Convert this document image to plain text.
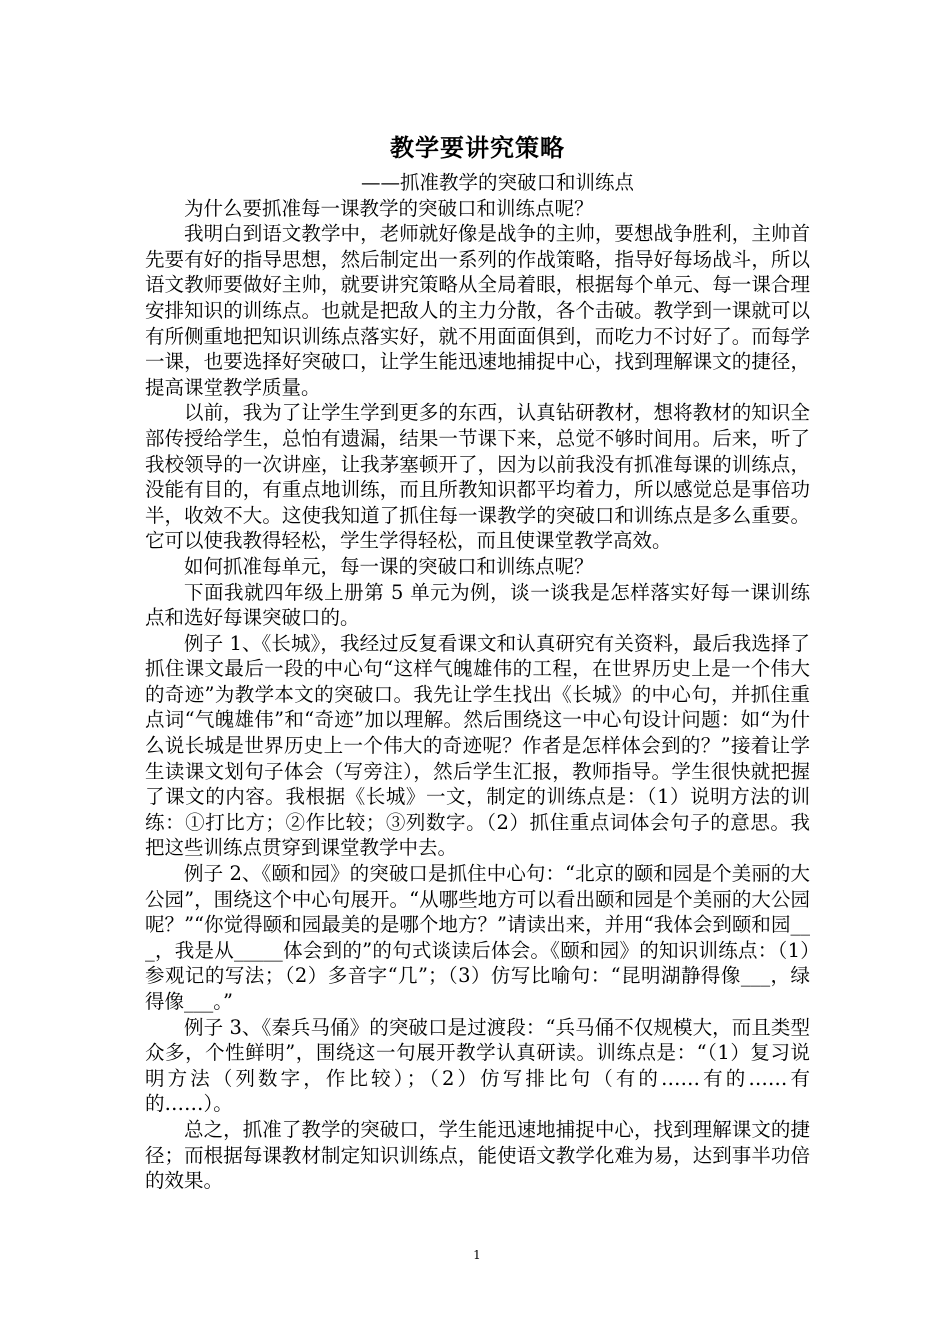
教学要讲究策略

——抓准教学的突破口和训练点

为什么要抓准每一课教学的突破口和训练点呢？

我明白到语文教学中，老师就好像是战争的主帅，要想战争胜利，主帅首先要有好的指导思想，然后制定出一系列的作战策略，指导好每场战斗，所以语文教师要做好主帅，就要讲究策略从全局着眼，根据每个单元、每一课合理安排知识的训练点。也就是把敌人的主力分散，各个击破。教学到一课就可以有所侧重地把知识训练点落实好，就不用面面俱到，而吃力不讨好了。而每学一课，也要选择好突破口，让学生能迅速地捕捉中心，找到理解课文的捷径，提高课堂教学质量。

以前，我为了让学生学到更多的东西，认真钻研教材，想将教材的知识全部传授给学生，总怕有遗漏，结果一节课下来，总觉不够时间用。后来，听了我校领导的一次讲座，让我茅塞顿开了，因为以前我没有抓准每课的训练点，没能有目的，有重点地训练，而且所教知识都平均着力，所以感觉总是事倍功半，收效不大。这使我知道了抓住每一课教学的突破口和训练点是多么重要。它可以使我教得轻松，学生学得轻松，而且使课堂教学高效。

如何抓准每单元，每一课的突破口和训练点呢？

下面我就四年级上册第 5 单元为例，谈一谈我是怎样落实好每一课训练点和选好每课突破口的。

例子 1、《长城》，我经过反复看课文和认真研究有关资料，最后我选择了抓住课文最后一段的中心句“这样气魄雄伟的工程，在世界历史上是一个伟大的奇迹”为教学本文的突破口。我先让学生找出《长城》的中心句，并抓住重点词“气魄雄伟”和“奇迹”加以理解。然后围绕这一中心句设计问题：如“为什么说长城是世界历史上一个伟大的奇迹呢？作者是怎样体会到的？”接着让学生读课文划句子体会（写旁注），然后学生汇报，教师指导。学生很快就把握了课文的内容。我根据《长城》一文，制定的训练点是：（1）说明方法的训练：①打比方；②作比较；③列数字。（2）抓住重点词体会句子的意思。我把这些训练点贯穿到课堂教学中去。

例子 2、《颐和园》的突破口是抓住中心句：“北京的颐和园是个美丽的大公园”，围绕这个中心句展开。“从哪些地方可以看出颐和园是个美丽的大公园呢？”“你觉得颐和园最美的是哪个地方？”请读出来，并用“我体会到颐和园___，我是从_____体会到的”的句式谈读后体会。《颐和园》的知识训练点：（1）参观记的写法；（2）多音字“几”；（3）仿写比喻句：“昆明湖静得像___，绿得像___。”

例子 3、《秦兵马俑》的突破口是过渡段：“兵马俑不仅规模大，而且类型众多，个性鲜明”，围绕这一句展开教学认真研读。训练点是：“（1）复习说明方法（列数字，作比较）；（2）仿写排比句（有的……有的……有的……）。

总之，抓准了教学的突破口，学生能迅速地捕捉中心，找到理解课文的捷径；而根据每课教材制定知识训练点，能使语文教学化难为易，达到事半功倍的效果。

1
